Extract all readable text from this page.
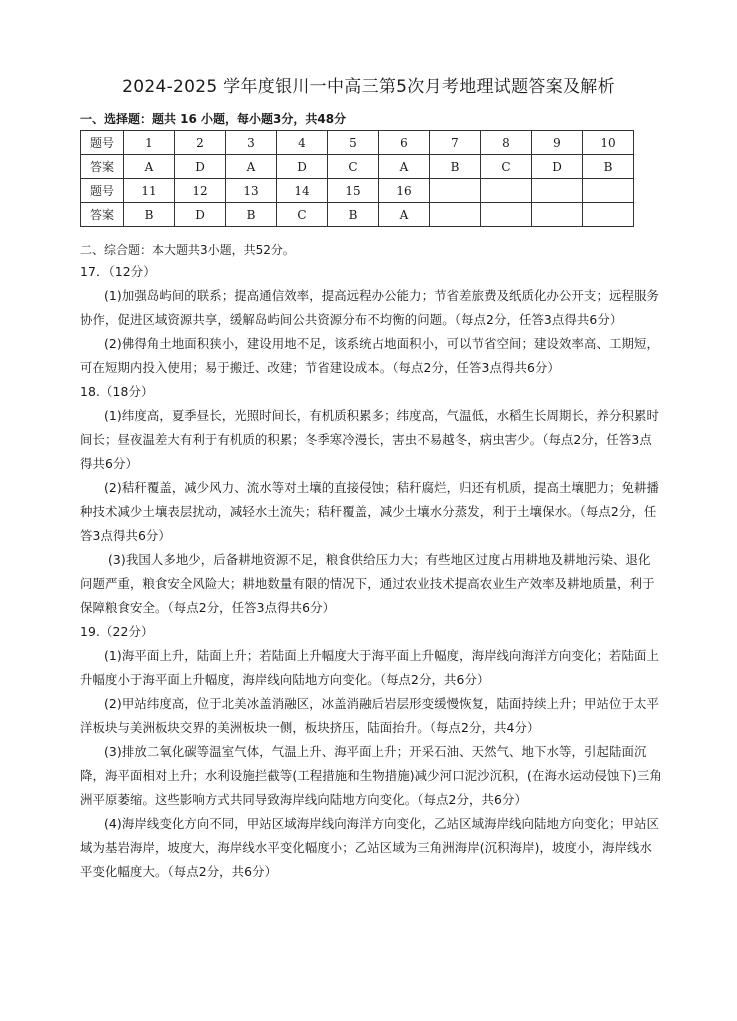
2024-2025 学年度银川一中高三第5次月考地理试题答案及解析
一、选择题：题共 16 小题，每小题3分，共48分
题号	1	2	3	4	5	6	7	8	9	10
答案	A	D	A	D	C	A	B	C	D	B
题号	11	12	13	14	15	16				
答案	B	D	B	C	B	A				
二、综合题：本大题共3小题，共52分。

17．（12分）

(1)加强岛屿间的联系；提高通信效率，提高远程办公能力；节省差旅费及纸质化办公开支；远程服务协作，促进区域资源共享，缓解岛屿间公共资源分布不均衡的问题。（每点2分，任答3点得共6分）

(2)佛得角土地面积狭小，建设用地不足，该系统占地面积小，可以节省空间；建设效率高、工期短，可在短期内投入使用；易于搬迁、改建；节省建设成本。（每点2分，任答3点得共6分）

18.（18分）

(1)纬度高，夏季昼长，光照时间长，有机质积累多；纬度高，气温低，水稻生长周期长，养分积累时间长；昼夜温差大有利于有机质的积累；冬季寒冷漫长，害虫不易越冬，病虫害少。（每点2分，任答3点得共6分）

(2)秸秆覆盖，减少风力、流水等对土壤的直接侵蚀；秸秆腐烂，归还有机质，提高土壤肥力；免耕播种技术减少土壤表层扰动，减轻水土流失；秸秆覆盖，减少土壤水分蒸发，利于土壤保水。（每点2分，任答3点得共6分）

(3)我国人多地少，后备耕地资源不足，粮食供给压力大；有些地区过度占用耕地及耕地污染、退化问题严重，粮食安全风险大；耕地数量有限的情况下，通过农业技术提高农业生产效率及耕地质量，利于保障粮食安全。（每点2分，任答3点得共6分）

19.（22分）

(1)海平面上升，陆面上升；若陆面上升幅度大于海平面上升幅度，海岸线向海洋方向变化；若陆面上升幅度小于海平面上升幅度，海岸线向陆地方向变化。（每点2分，共6分）

(2)甲站纬度高，位于北美冰盖消融区，冰盖消融后岩层形变缓慢恢复，陆面持续上升；甲站位于太平洋板块与美洲板块交界的美洲板块一侧，板块挤压，陆面抬升。（每点2分，共4分）

(3)排放二氧化碳等温室气体，气温上升、海平面上升；开采石油、天然气、地下水等，引起陆面沉降，海平面相对上升；水利设施拦截等(工程措施和生物措施)减少河口泥沙沉积，(在海水运动侵蚀下)三角洲平原萎缩。这些影响方式共同导致海岸线向陆地方向变化。（每点2分，共6分）

(4)海岸线变化方向不同，甲站区域海岸线向海洋方向变化，乙站区域海岸线向陆地方向变化；甲站区域为基岩海岸，坡度大，海岸线水平变化幅度小；乙站区域为三角洲海岸(沉积海岸)，坡度小，海岸线水平变化幅度大。（每点2分，共6分）
